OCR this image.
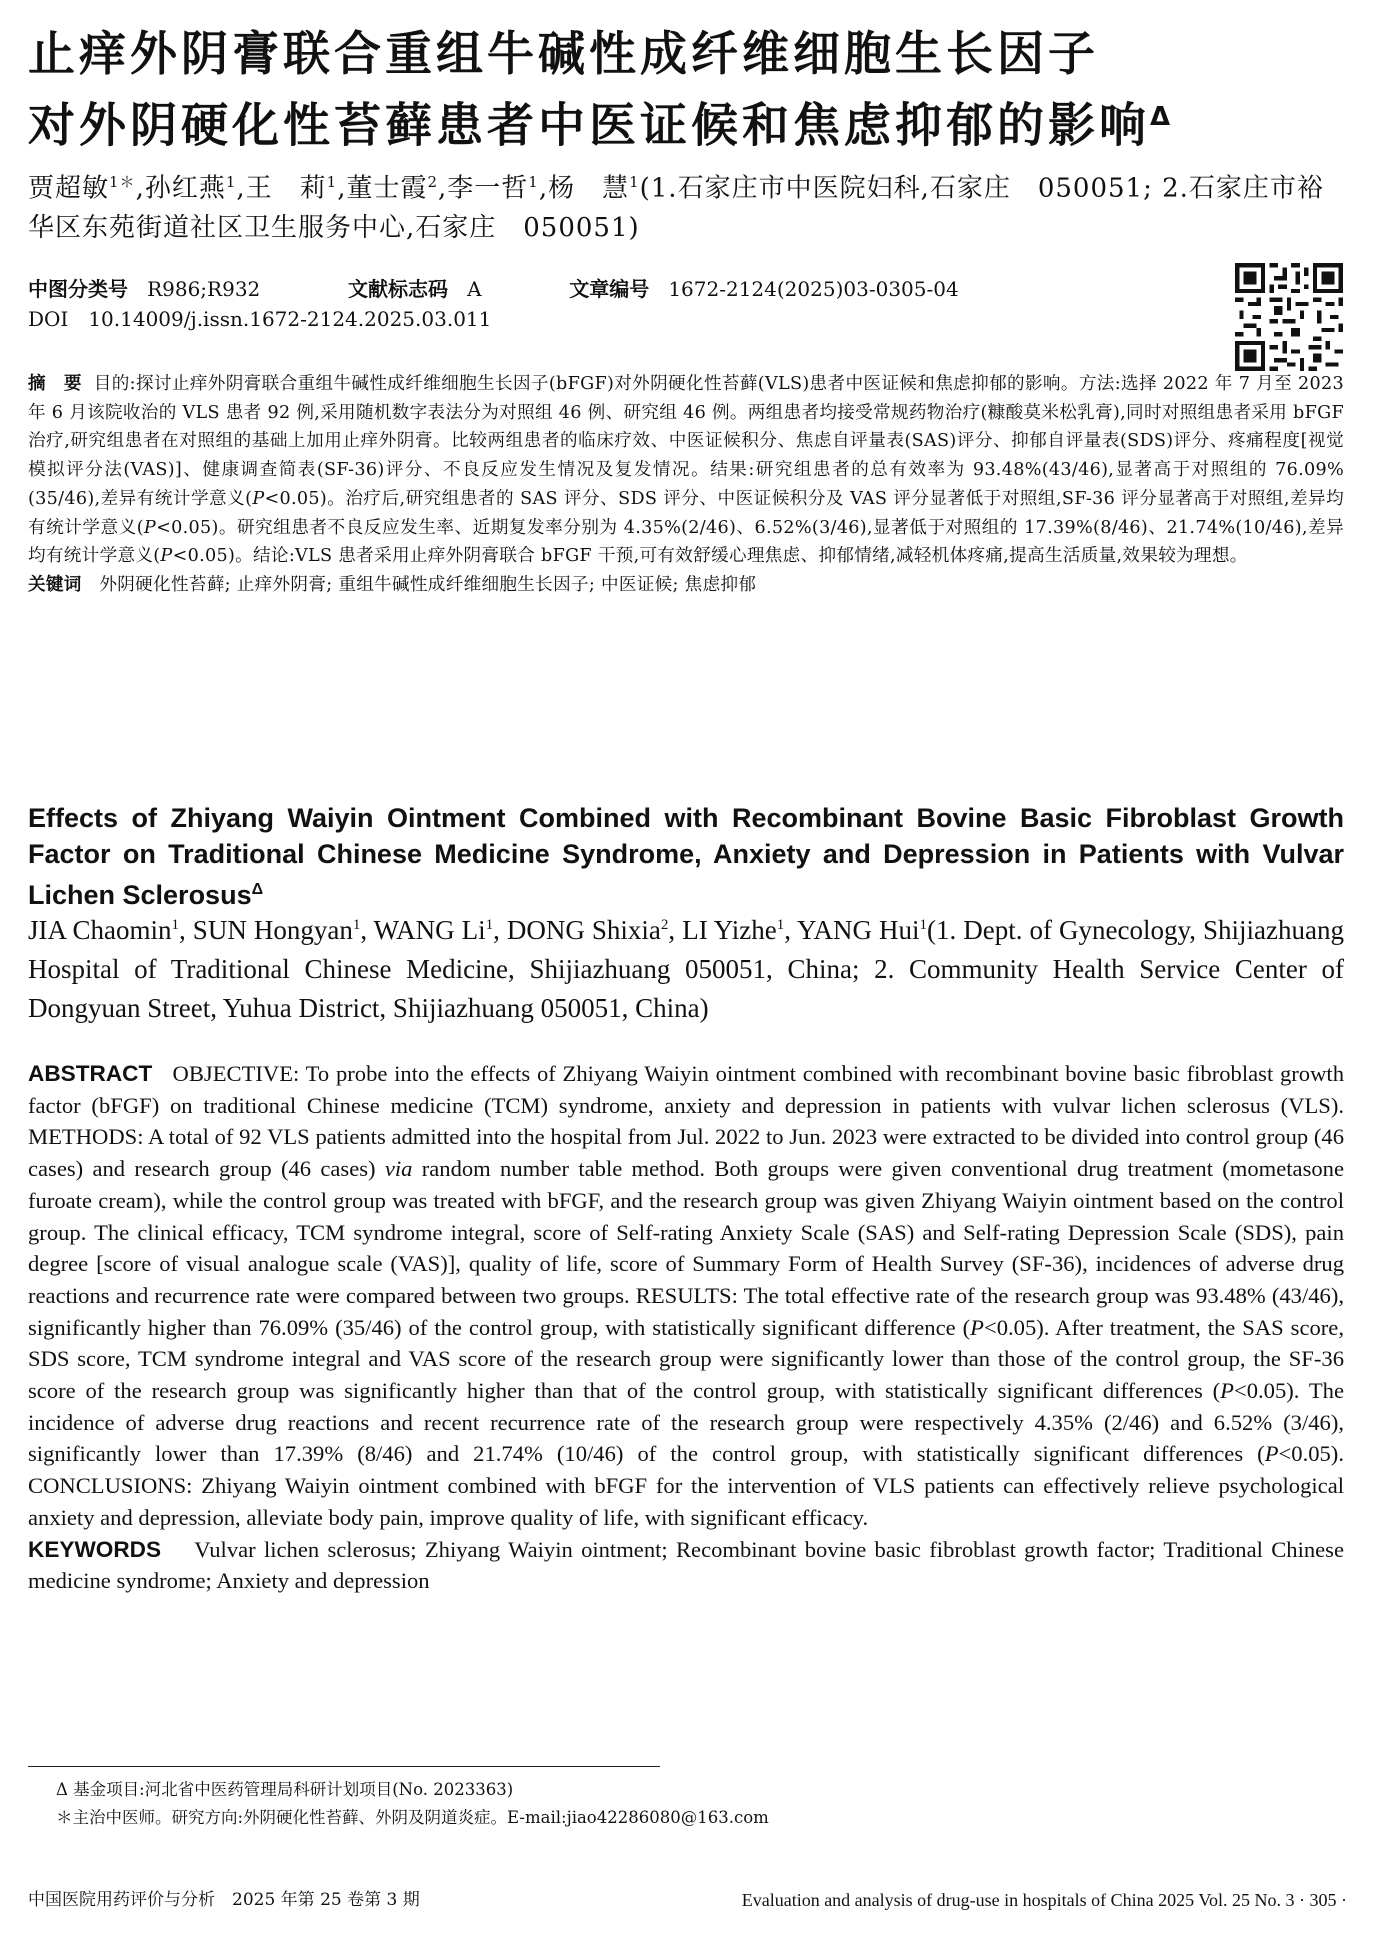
止痒外阴膏联合重组牛碱性成纤维细胞生长因子
对外阴硬化性苔藓患者中医证候和焦虑抑郁的影响$^\Delta$
贾超敏$^{1*}$,孙红燕$^1$,王　莉$^1$,董士霞$^2$,李一哲$^1$,杨　慧$^1$(1.石家庄市中医院妇科,石家庄　050051; 2.石家庄市裕华区东苑街道社区卫生服务中心,石家庄　050051)
中图分类号 R986;R932	文献标志码 A	文章编号 1672-2124(2025)03-0305-04
DOI　10.14009/j.issn.1672-2124.2025.03.011
摘　要 目的:探讨止痒外阴膏联合重组牛碱性成纤维细胞生长因子(bFGF)对外阴硬化性苔藓(VLS)患者中医证候和焦虑抑郁的影响。方法:选择 2022 年 7 月至 2023 年 6 月该院收治的 VLS 患者 92 例,采用随机数字表法分为对照组 46 例、研究组 46 例。两组患者均接受常规药物治疗(糠酸莫米松乳膏),同时对照组患者采用 bFGF 治疗,研究组患者在对照组的基础上加用止痒外阴膏。比较两组患者的临床疗效、中医证候积分、焦虑自评量表(SAS)评分、抑郁自评量表(SDS)评分、疼痛程度[视觉模拟评分法(VAS)]、健康调查简表(SF-36)评分、不良反应发生情况及复发情况。结果:研究组患者的总有效率为 93.48%(43/46),显著高于对照组的 76.09%(35/46),差异有统计学意义(P<0.05)。治疗后,研究组患者的 SAS 评分、SDS 评分、中医证候积分及 VAS 评分显著低于对照组,SF-36 评分显著高于对照组,差异均有统计学意义(P<0.05)。研究组患者不良反应发生率、近期复发率分别为 4.35%(2/46)、6.52%(3/46),显著低于对照组的 17.39%(8/46)、21.74%(10/46),差异均有统计学意义(P<0.05)。结论:VLS 患者采用止痒外阴膏联合 bFGF 干预,可有效舒缓心理焦虑、抑郁情绪,减轻机体疼痛,提高生活质量,效果较为理想。
关键词 外阴硬化性苔藓; 止痒外阴膏; 重组牛碱性成纤维细胞生长因子; 中医证候; 焦虑抑郁
Effects of Zhiyang Waiyin Ointment Combined with Recombinant Bovine Basic Fibroblast Growth Factor on Traditional Chinese Medicine Syndrome, Anxiety and Depression in Patients with Vulvar Lichen Sclerosus$^\Delta$
JIA Chaomin$^1$, SUN Hongyan$^1$, WANG Li$^1$, DONG Shixia$^2$, LI Yizhe$^1$, YANG Hui$^1$(1. Dept. of Gynecology, Shijiazhuang Hospital of Traditional Chinese Medicine, Shijiazhuang 050051, China; 2. Community Health Service Center of Dongyuan Street, Yuhua District, Shijiazhuang 050051, China)
ABSTRACT OBJECTIVE: To probe into the effects of Zhiyang Waiyin ointment combined with recombinant bovine basic fibroblast growth factor (bFGF) on traditional Chinese medicine (TCM) syndrome, anxiety and depression in patients with vulvar lichen sclerosus (VLS). METHODS: A total of 92 VLS patients admitted into the hospital from Jul. 2022 to Jun. 2023 were extracted to be divided into control group (46 cases) and research group (46 cases) via random number table method. Both groups were given conventional drug treatment (mometasone furoate cream), while the control group was treated with bFGF, and the research group was given Zhiyang Waiyin ointment based on the control group. The clinical efficacy, TCM syndrome integral, score of Self-rating Anxiety Scale (SAS) and Self-rating Depression Scale (SDS), pain degree [score of visual analogue scale (VAS)], quality of life, score of Summary Form of Health Survey (SF-36), incidences of adverse drug reactions and recurrence rate were compared between two groups. RESULTS: The total effective rate of the research group was 93.48% (43/46), significantly higher than 76.09% (35/46) of the control group, with statistically significant difference (P<0.05). After treatment, the SAS score, SDS score, TCM syndrome integral and VAS score of the research group were significantly lower than those of the control group, the SF-36 score of the research group was significantly higher than that of the control group, with statistically significant differences (P<0.05). The incidence of adverse drug reactions and recent recurrence rate of the research group were respectively 4.35% (2/46) and 6.52% (3/46), significantly lower than 17.39% (8/46) and 21.74% (10/46) of the control group, with statistically significant differences (P<0.05). CONCLUSIONS: Zhiyang Waiyin ointment combined with bFGF for the intervention of VLS patients can effectively relieve psychological anxiety and depression, alleviate body pain, improve quality of life, with significant efficacy.
KEYWORDS Vulvar lichen sclerosus; Zhiyang Waiyin ointment; Recombinant bovine basic fibroblast growth factor; Traditional Chinese medicine syndrome; Anxiety and depression
Δ 基金项目:河北省中医药管理局科研计划项目(No. 2023363)
＊主治中医师。研究方向:外阴硬化性苔藓、外阴及阴道炎症。E-mail:jiao42286080@163.com
中国医院用药评价与分析　2025 年第 25 卷第 3 期	Evaluation and analysis of drug-use in hospitals of China 2025 Vol. 25 No. 3 · 305 ·
